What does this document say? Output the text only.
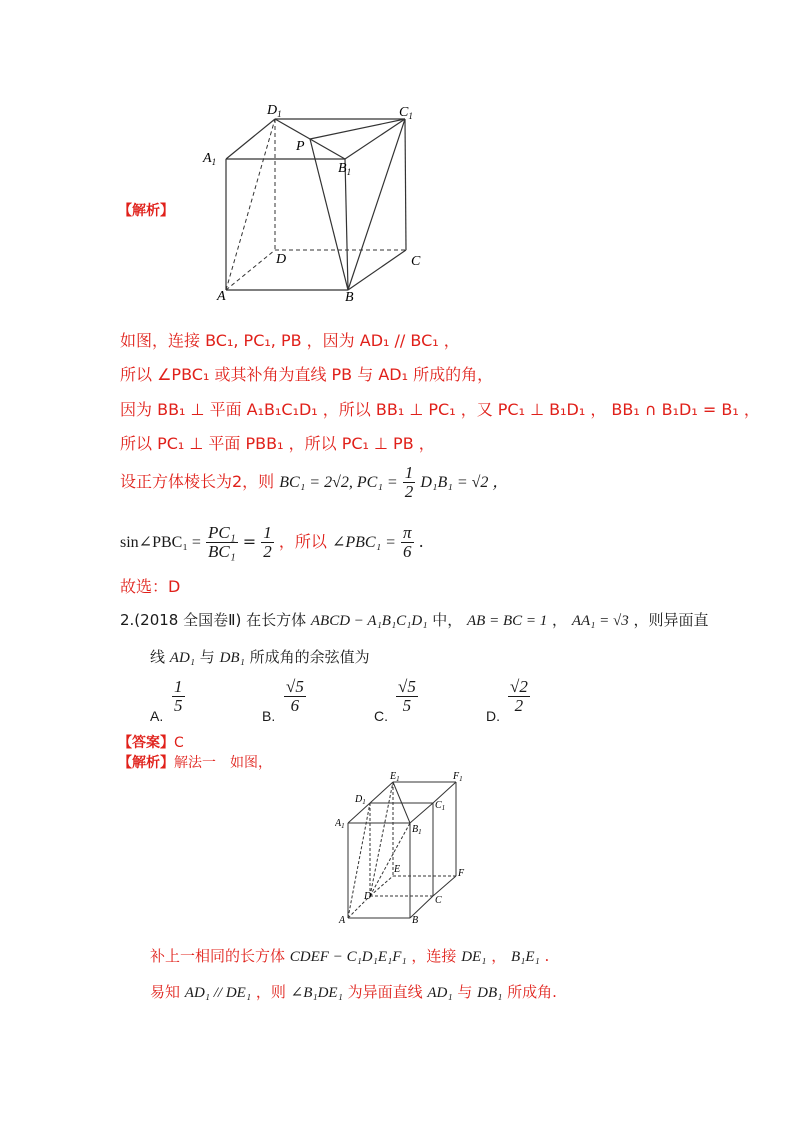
$D_1$	$C_1$
$A_1$	$B_1$
P
D	C
A	B
【解析】
如图，连接 BC₁, PC₁, PB ，因为 AD₁ // BC₁ ，
所以 ∠PBC₁ 或其补角为直线 PB 与 AD₁ 所成的角，
因为 BB₁ ⊥ 平面 A₁B₁C₁D₁ ，所以 BB₁ ⊥ PC₁ ，又 PC₁ ⊥ B₁D₁ ， BB₁ ∩ B₁D₁ = B₁ ，
所以 PC₁ ⊥ 平面 PBB₁ ，所以 PC₁ ⊥ PB ，
设正方体棱长为2，则 BC₁ = 2√2, $PC_1 = \frac{1}{2} D_1B_1 = √2$ ，
sin∠PBC₁ = $\frac{\text{PC₁}}{\text{BC₁}} = \frac{1}{2}$ ，所以 ∠PBC₁ = $\frac{\pi}{6}$ .
故选：D
2.(2018 全国卷Ⅱ) 在长方体 ABCD − A₁B₁C₁D₁ 中， AB = BC = 1 ， AA₁ = √3 ，则异面直
线 AD₁ 与 DB₁ 所成角的余弦值为
A.
$\frac{1}{5}$
B.
$\frac{√5}{6}$
C.
$\frac{√5}{5}$
D.
$\frac{√2}{2}$
【答案】C
【解析】解法一　如图，
$E_1$	$F_1$
$D_1$	$C_1$
$A_1$	$B_1$
E	F
D	C
A	B
补上一相同的长方体 CDEF − C₁D₁E₁F₁ ，连接 DE₁ ， B₁E₁ .
易知 AD₁ // DE₁ ，则 ∠B₁DE₁ 为异面直线 AD₁ 与 DB₁ 所成角.
